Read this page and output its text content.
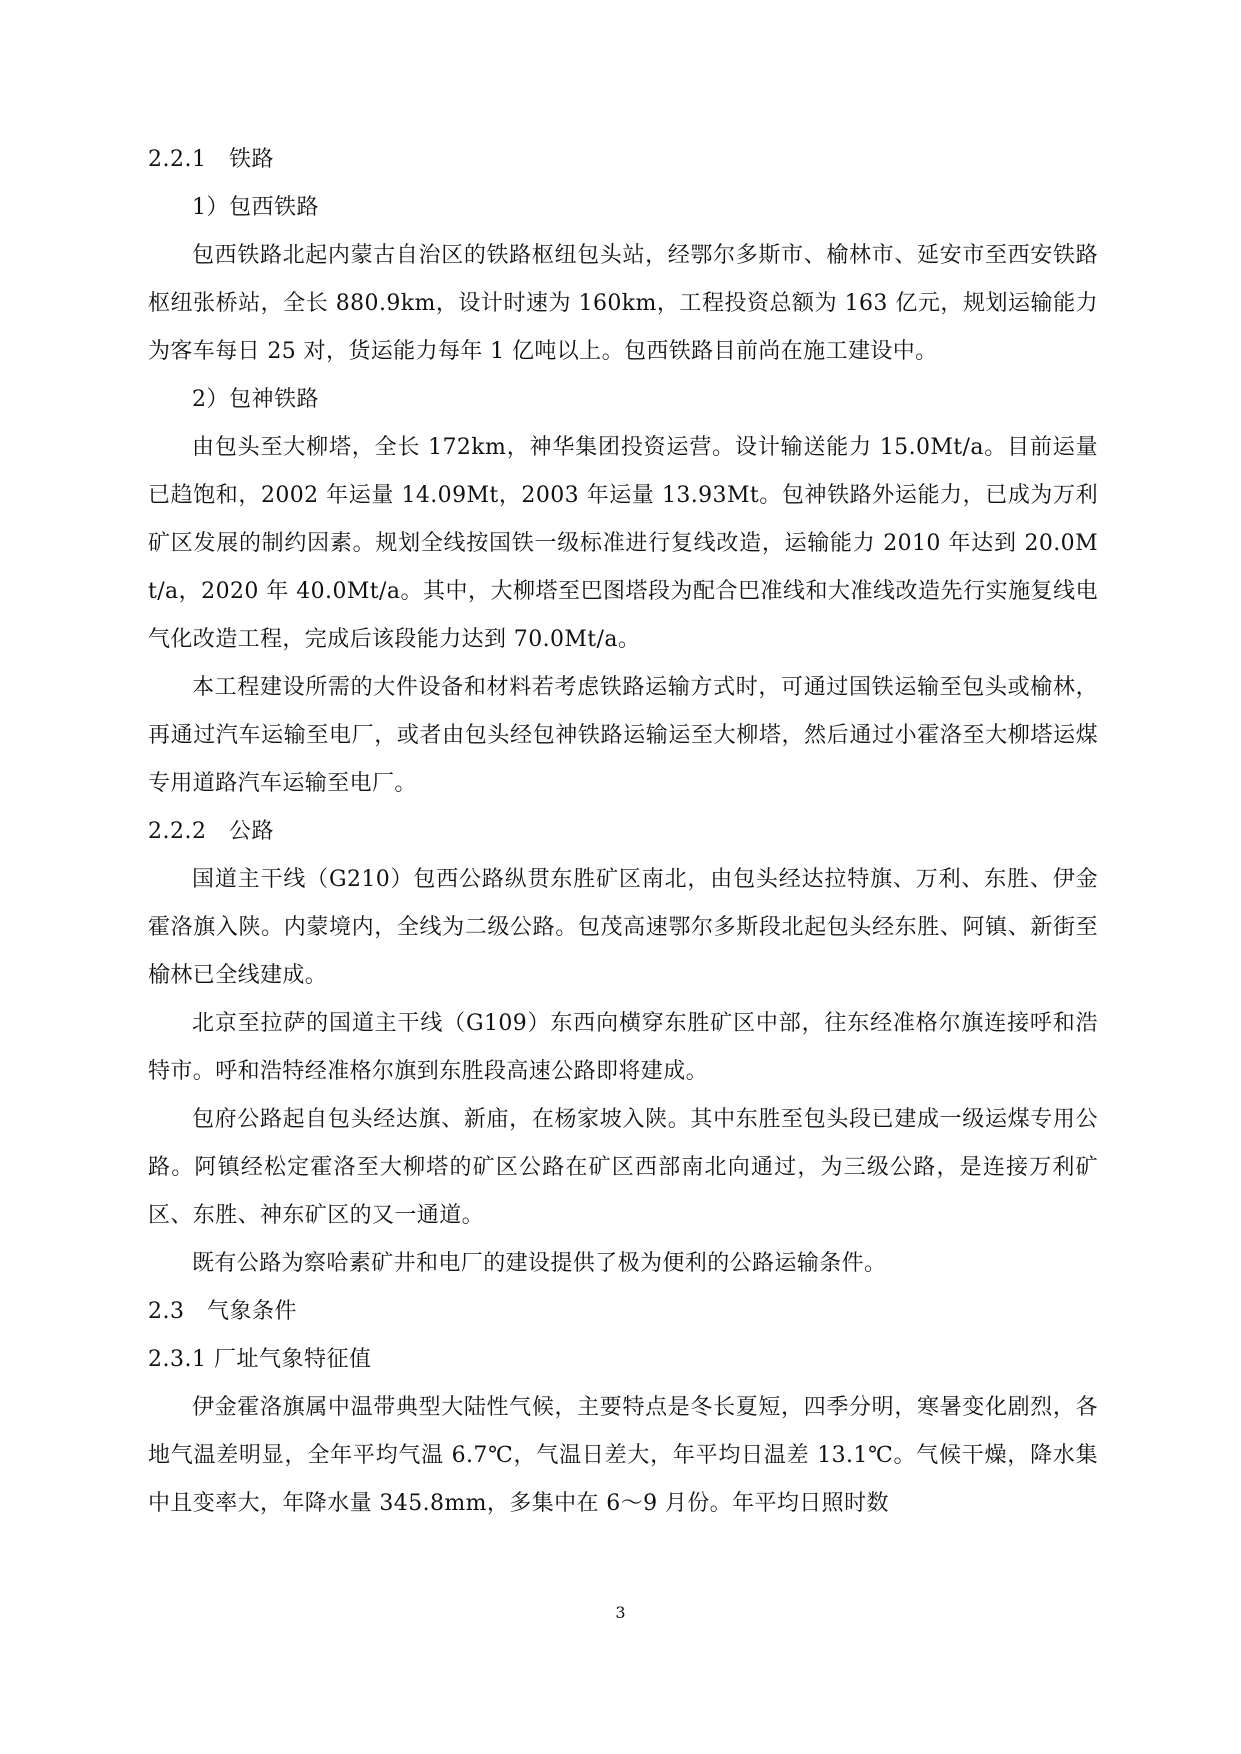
2.2.1　铁路
1）包西铁路
包西铁路北起内蒙古自治区的铁路枢纽包头站，经鄂尔多斯市、榆林市、延安市至西安铁路枢纽张桥站，全长 880.9km，设计时速为 160km，工程投资总额为 163 亿元，规划运输能力为客车每日 25 对，货运能力每年 1 亿吨以上。包西铁路目前尚在施工建设中。
2）包神铁路
由包头至大柳塔，全长 172km，神华集团投资运营。设计输送能力 15.0Mt/a。目前运量已趋饱和，2002 年运量 14.09Mt，2003 年运量 13.93Mt。包神铁路外运能力，已成为万利矿区发展的制约因素。规划全线按国铁一级标准进行复线改造，运输能力 2010 年达到 20.0M t/a，2020 年 40.0Mt/a。其中，大柳塔至巴图塔段为配合巴准线和大准线改造先行实施复线电气化改造工程，完成后该段能力达到 70.0Mt/a。
本工程建设所需的大件设备和材料若考虑铁路运输方式时，可通过国铁运输至包头或榆林，再通过汽车运输至电厂，或者由包头经包神铁路运输运至大柳塔，然后通过小霍洛至大柳塔运煤专用道路汽车运输至电厂。
2.2.2　公路
国道主干线（G210）包西公路纵贯东胜矿区南北，由包头经达拉特旗、万利、东胜、伊金霍洛旗入陕。内蒙境内，全线为二级公路。包茂高速鄂尔多斯段北起包头经东胜、阿镇、新街至榆林已全线建成。
北京至拉萨的国道主干线（G109）东西向横穿东胜矿区中部，往东经准格尔旗连接呼和浩特市。呼和浩特经准格尔旗到东胜段高速公路即将建成。
包府公路起自包头经达旗、新庙，在杨家坡入陕。其中东胜至包头段已建成一级运煤专用公路。阿镇经松定霍洛至大柳塔的矿区公路在矿区西部南北向通过，为三级公路，是连接万利矿区、东胜、神东矿区的又一通道。
既有公路为察哈素矿井和电厂的建设提供了极为便利的公路运输条件。
2.3　气象条件
2.3.1 厂址气象特征值
伊金霍洛旗属中温带典型大陆性气候，主要特点是冬长夏短，四季分明，寒暑变化剧烈，各地气温差明显，全年平均气温 6.7℃，气温日差大，年平均日温差 13.1℃。气候干燥，降水集中且变率大，年降水量 345.8mm，多集中在 6～9 月份。年平均日照时数
3
